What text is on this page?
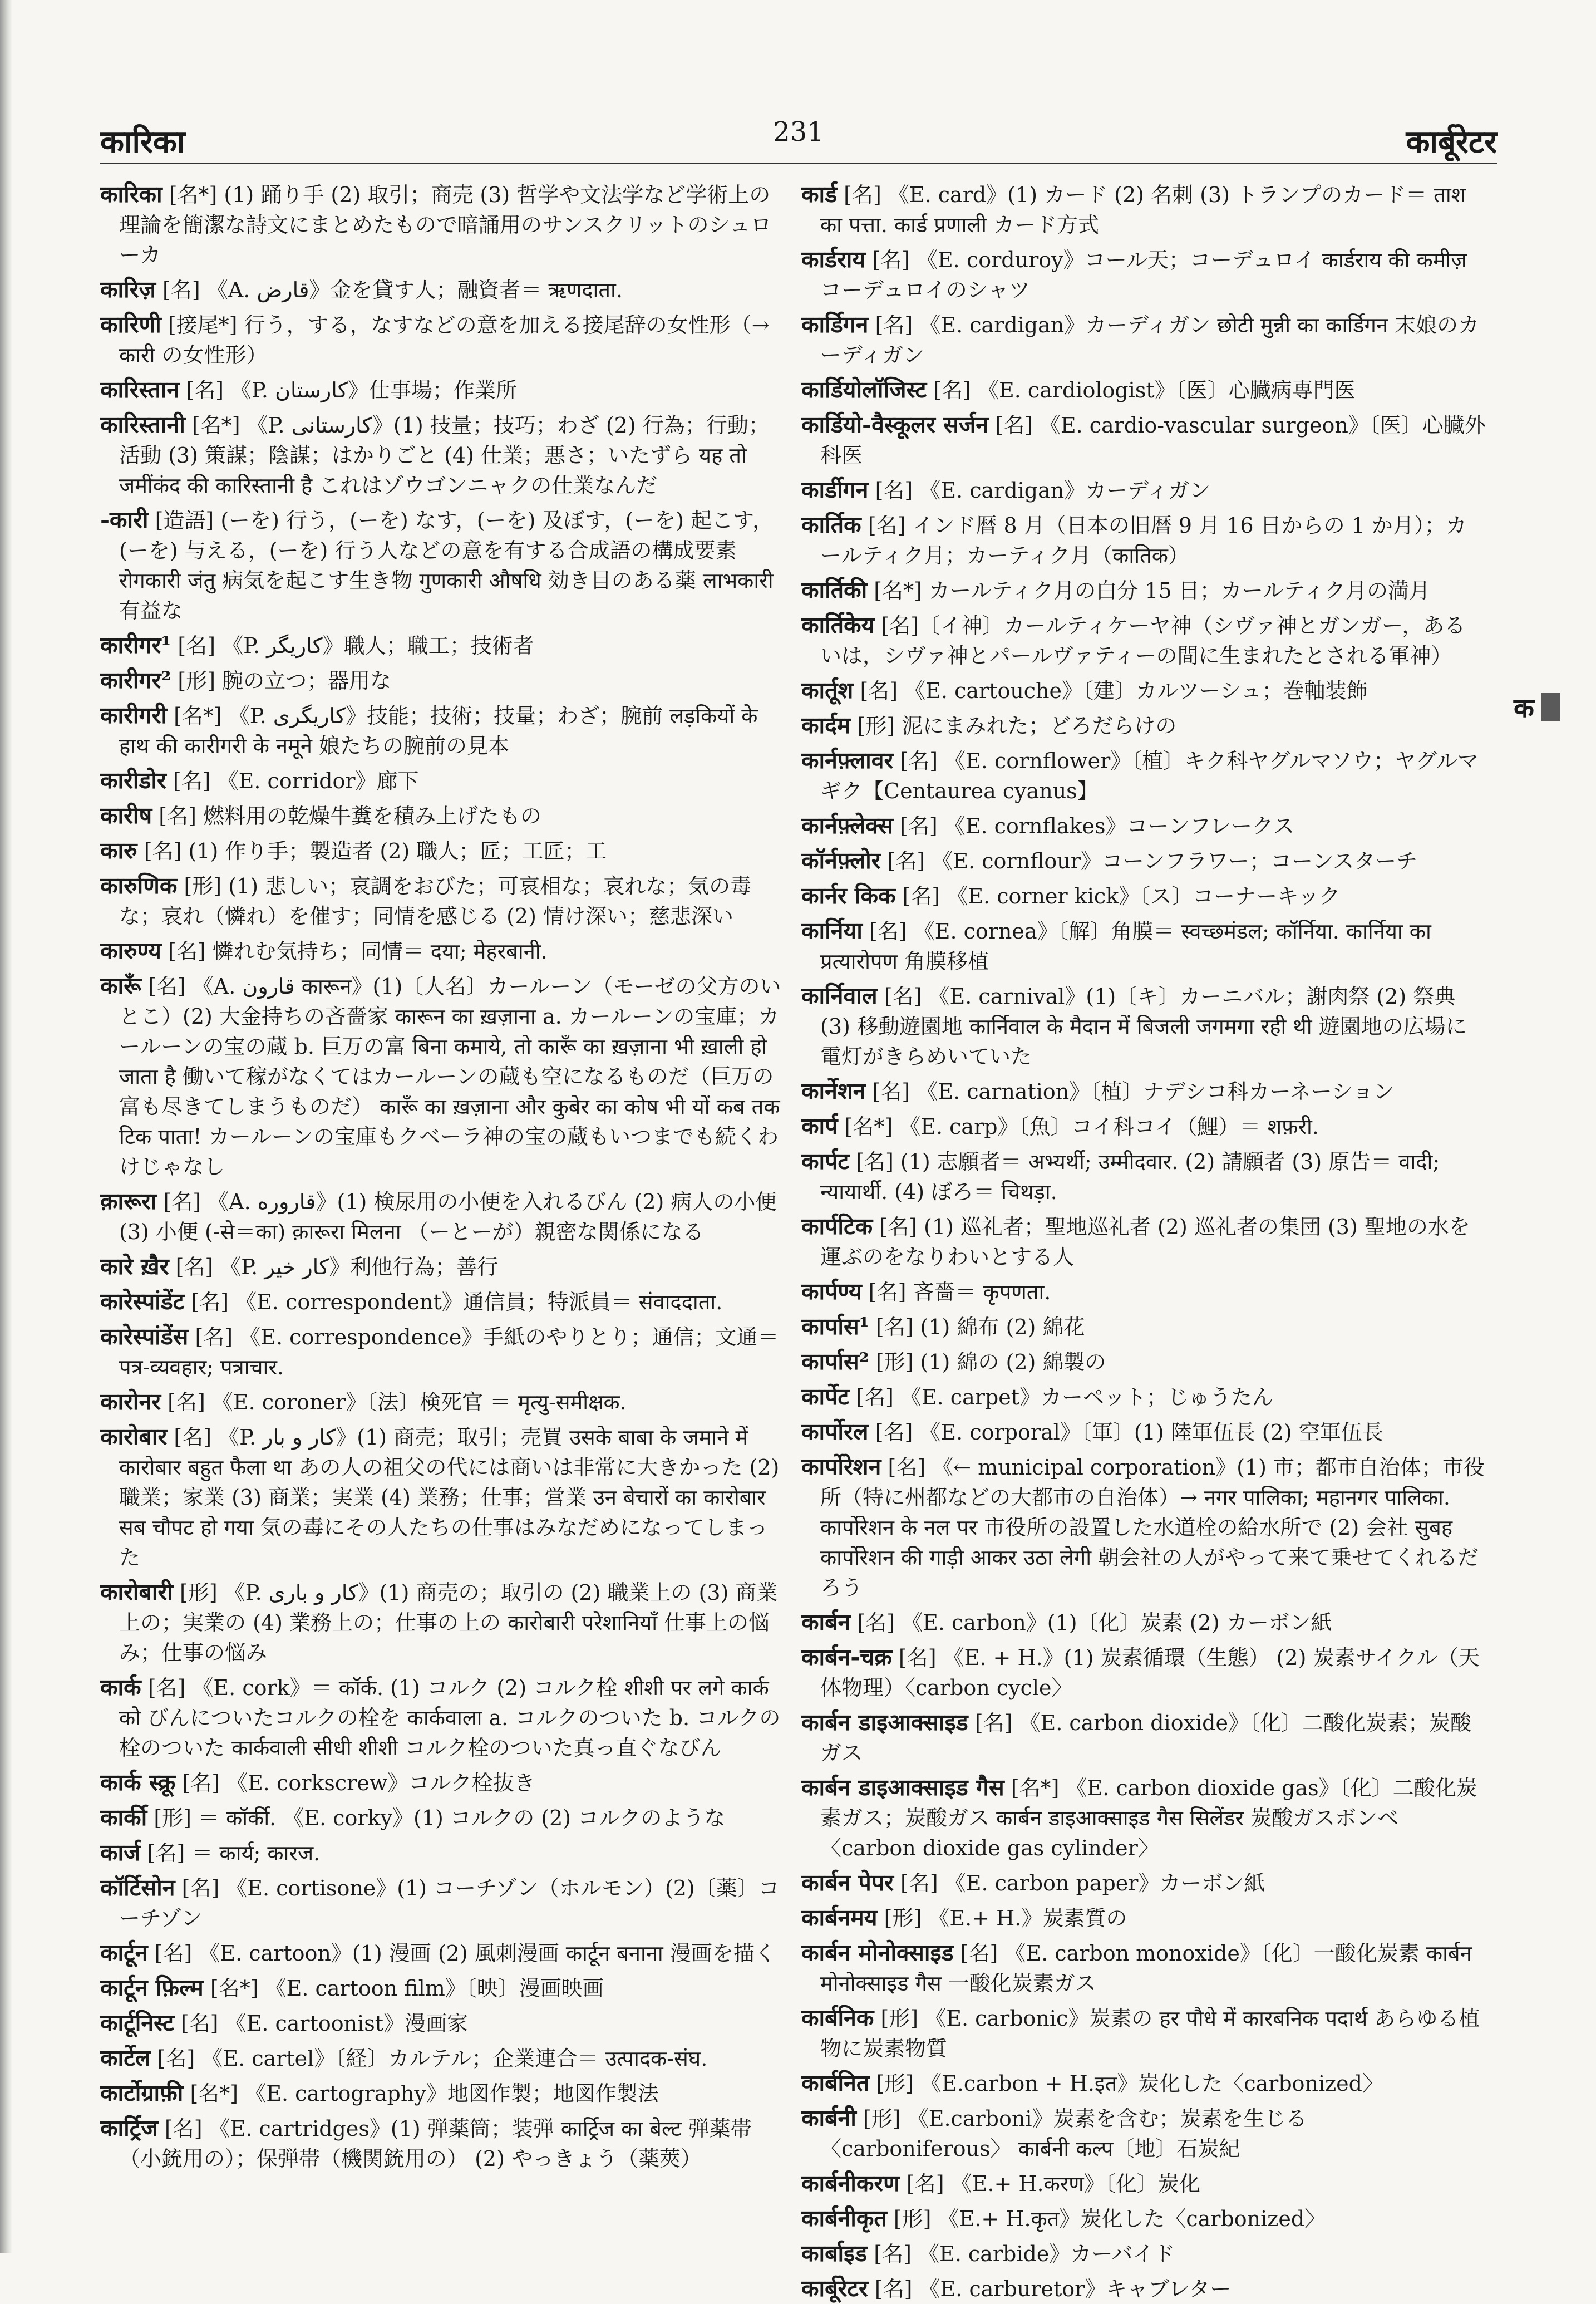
कारिका	231	कार्बूरेटर

कारिका [名*] (1) 踊り手 (2) 取引；商売 (3) 哲学や文法学など学術上の理論を簡潔な詩文にまとめたもので暗誦用のサンスクリットのシュローカ

कारिज़ [名] 《A. قارض》金を貸す人；融資者＝ ऋणदाता.

कारिणी [接尾*] 行う，する，なすなどの意を加える接尾辞の女性形（→ कारी の女性形）

कारिस्तान [名] 《P. کارستان》仕事場；作業所

कारिस्तानी [名*] 《P. کارستانی》(1) 技量；技巧；わざ (2) 行為；行動；活動 (3) 策謀；陰謀；はかりごと (4) 仕業；悪さ；いたずら यह तो जमींकंद की कारिस्तानी है これはゾウゴンニャクの仕業なんだ

-कारी [造語] (ーを) 行う，(ーを) なす，(ーを) 及ぼす，(ーを) 起こす，(ーを) 与える，(ーを) 行う人などの意を有する合成語の構成要素 रोगकारी जंतु 病気を起こす生き物 गुणकारी औषधि 効き目のある薬 लाभकारी 有益な

कारीगर¹ [名] 《P. کاریگر》職人；職工；技術者

कारीगर² [形] 腕の立つ；器用な

कारीगरी [名*] 《P. کاریگری》技能；技術；技量；わざ；腕前 लड़कियों के हाथ की कारीगरी के नमूने 娘たちの腕前の見本

कारीडोर [名] 《E. corridor》廊下

कारीष [名] 燃料用の乾燥牛糞を積み上げたもの

कारु [名] (1) 作り手；製造者 (2) 職人；匠；工匠；工

कारुणिक [形] (1) 悲しい；哀調をおびた；可哀相な；哀れな；気の毒な；哀れ（憐れ）を催す；同情を感じる (2) 情け深い；慈悲深い

कारुण्य [名] 憐れむ気持ち；同情＝ दया; मेहरबानी.

कारूँ [名] 《A. قارون कारून》(1)〔人名〕カールーン（モーゼの父方のいとこ）(2) 大金持ちの吝嗇家 कारून का ख़ज़ाना a. カールーンの宝庫；カールーンの宝の蔵 b. 巨万の富 बिना कमाये, तो कारूँ का ख़ज़ाना भी ख़ाली हो जाता है 働いて稼がなくてはカールーンの蔵も空になるものだ（巨万の富も尽きてしまうものだ） कारूँ का ख़ज़ाना और कुबेर का कोष भी यों कब तक टिक पाता! カールーンの宝庫もクベーラ神の宝の蔵もいつまでも続くわけじゃなし

क़ारूरा [名] 《A. قاروره》(1) 検尿用の小便を入れるびん (2) 病人の小便 (3) 小便 (-से＝का) क़ारूरा मिलना （ーとーが）親密な関係になる

कारे ख़ैर [名] 《P. کار خیر》利他行為；善行

कारेस्पांडेंट [名] 《E. correspondent》通信員；特派員＝ संवाददाता.

कारेस्पांडेंस [名] 《E. correspondence》手紙のやりとり；通信；文通＝ पत्र-व्यवहार; पत्राचार.

कारोनर [名] 《E. coroner》〔法〕検死官 ＝ मृत्यु-समीक्षक.

कारोबार [名] 《P. کار و بار》(1) 商売；取引；売買 उसके बाबा के जमाने में कारोबार बहुत फैला था あの人の祖父の代には商いは非常に大きかった (2) 職業；家業 (3) 商業；実業 (4) 業務；仕事；営業 उन बेचारों का कारोबार सब चौपट हो गया 気の毒にその人たちの仕事はみなだめになってしまった

कारोबारी [形] 《P. کار و باری》(1) 商売の；取引の (2) 職業上の (3) 商業上の；実業の (4) 業務上の；仕事の上の कारोबारी परेशानियाँ 仕事上の悩み；仕事の悩み

कार्क [名] 《E. cork》＝ कॉर्क. (1) コルク (2) コルク栓 शीशी पर लगे कार्क को びんについたコルクの栓を कार्कवाला a. コルクのついた b. コルクの栓のついた कार्कवाली सीधी शीशी コルク栓のついた真っ直ぐなびん

कार्क स्क्रू [名] 《E. corkscrew》コルク栓抜き

कार्की [形] ＝ कॉर्की. 《E. corky》(1) コルクの (2) コルクのような

कार्ज [名] ＝ कार्य; कारज.

कॉर्टिसोन [名] 《E. cortisone》(1) コーチゾン（ホルモン）(2)〔薬〕コーチゾン

कार्टून [名] 《E. cartoon》(1) 漫画 (2) 風刺漫画 कार्टून बनाना 漫画を描く

कार्टून फ़िल्म [名*] 《E. cartoon film》〔映〕漫画映画

कार्टूनिस्ट [名] 《E. cartoonist》漫画家

कार्टेल [名] 《E. cartel》〔経〕カルテル；企業連合＝ उत्पादक-संघ.

कार्टोग्राफ़ी [名*] 《E. cartography》地図作製；地図作製法

कार्ट्रिज [名] 《E. cartridges》(1) 弾薬筒；装弾 कार्ट्रिज का बेल्ट 弾薬帯（小銃用の）；保弾帯（機関銃用の） (2) やっきょう（薬莢）

कार्ड [名] 《E. card》(1) カード (2) 名刺 (3) トランプのカード＝ ताश का पत्ता. कार्ड प्रणाली カード方式

कार्डराय [名] 《E. corduroy》コール天；コーデュロイ कार्डराय की कमीज़ コーデュロイのシャツ

कार्डिगन [名] 《E. cardigan》カーディガン छोटी मुन्नी का कार्डिगन 末娘のカーディガン

कार्डियोलॉजिस्ट [名] 《E. cardiologist》〔医〕心臓病専門医

कार्डियो-वैस्कूलर सर्जन [名] 《E. cardio-vascular surgeon》〔医〕心臓外科医

कार्डीगन [名] 《E. cardigan》カーディガン

कार्तिक [名] インド暦 8 月（日本の旧暦 9 月 16 日からの 1 か月）；カールティク月；カーティク月（कातिक）

कार्तिकी [名*] カールティク月の白分 15 日；カールティク月の満月

कार्तिकेय [名]〔イ神〕カールティケーヤ神（シヴァ神とガンガー，あるいは，シヴァ神とパールヴァティーの間に生まれたとされる軍神）

कार्तूश [名] 《E. cartouche》〔建〕カルツーシュ；巻軸装飾

कार्दम [形] 泥にまみれた；どろだらけの

कार्नफ़्लावर [名] 《E. cornflower》〔植〕キク科ヤグルマソウ；ヤグルマギク【Centaurea cyanus】

कार्नफ़्लेक्स [名] 《E. cornflakes》コーンフレークス

कॉर्नफ़्लोर [名] 《E. cornflour》コーンフラワー；コーンスターチ

कार्नर किक [名] 《E. corner kick》〔ス〕コーナーキック

कार्निया [名] 《E. cornea》〔解〕角膜＝ स्वच्छमंडल; कॉर्निया. कार्निया का प्रत्यारोपण 角膜移植

कार्निवाल [名] 《E. carnival》(1)〔キ〕カーニバル；謝肉祭 (2) 祭典 (3) 移動遊園地 कार्निवाल के मैदान में बिजली जगमगा रही थी 遊園地の広場に電灯がきらめいていた

कार्नेशन [名] 《E. carnation》〔植〕ナデシコ科カーネーション

कार्प [名*] 《E. carp》〔魚〕コイ科コイ（鯉）＝ शफ़री.

कार्पट [名] (1) 志願者＝ अभ्यर्थी; उम्मीदवार. (2) 請願者 (3) 原告＝ वादी; न्यायार्थी. (4) ぼろ＝ चिथड़ा.

कार्पटिक [名] (1) 巡礼者；聖地巡礼者 (2) 巡礼者の集団 (3) 聖地の水を運ぶのをなりわいとする人

कार्पण्य [名] 吝嗇＝ कृपणता.

कार्पास¹ [名] (1) 綿布 (2) 綿花

कार्पास² [形] (1) 綿の (2) 綿製の

कार्पेट [名] 《E. carpet》カーペット；じゅうたん

कार्पोरल [名] 《E. corporal》〔軍〕(1) 陸軍伍長 (2) 空軍伍長

कार्पोरेशन [名] 《← municipal corporation》(1) 市；都市自治体；市役所（特に州都などの大都市の自治体）→ नगर पालिका; महानगर पालिका. कार्पोरेशन के नल पर 市役所の設置した水道栓の給水所で (2) 会社 सुबह कार्पोरेशन की गाड़ी आकर उठा लेगी 朝会社の人がやって来て乗せてくれるだろう

कार्बन [名] 《E. carbon》(1)〔化〕炭素 (2) カーボン紙

कार्बन-चक्र [名] 《E. + H.》(1) 炭素循環（生態） (2) 炭素サイクル（天体物理）〈carbon cycle〉

कार्बन डाइआक्साइड [名] 《E. carbon dioxide》〔化〕二酸化炭素；炭酸ガス

कार्बन डाइआक्साइड गैस [名*] 《E. carbon dioxide gas》〔化〕二酸化炭素ガス；炭酸ガス कार्बन डाइआक्साइड गैस सिलेंडर 炭酸ガスボンベ〈carbon dioxide gas cylinder〉

कार्बन पेपर [名] 《E. carbon paper》カーボン紙

कार्बनमय [形] 《E.+ H.》炭素質の

कार्बन मोनोक्साइड [名] 《E. carbon monoxide》〔化〕一酸化炭素 कार्बन मोनोक्साइड गैस 一酸化炭素ガス

कार्बनिक [形] 《E. carbonic》炭素の हर पौधे में कारबनिक पदार्थ あらゆる植物に炭素物質

कार्बनित [形] 《E.carbon + H.इत》炭化した〈carbonized〉

कार्बनी [形] 《E.carboni》炭素を含む；炭素を生じる〈carboniferous〉 कार्बनी कल्प〔地〕石炭紀

कार्बनीकरण [名] 《E.+ H.करण》〔化〕炭化

कार्बनीकृत [形] 《E.+ H.कृत》炭化した〈carbonized〉

कार्बाइड [名] 《E. carbide》カーバイド

कार्बूरेटर [名] 《E. carburetor》キャブレター

क
